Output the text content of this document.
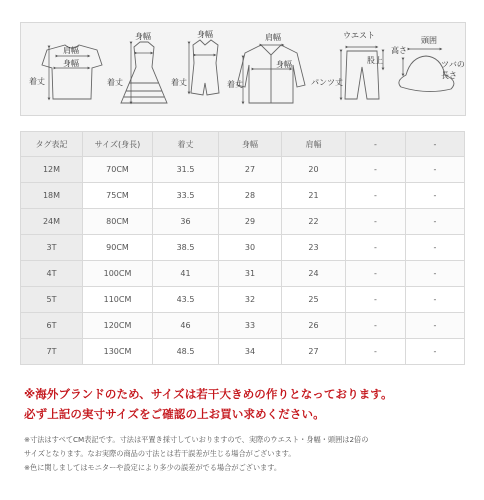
肩幅
身幅
着丈
身幅
着丈
身幅
着丈
肩幅
身幅
着丈
ウエスト
股上
パンツ丈
高さ
頭囲
ツバの
長さ
タグ表記	サイズ(身長)	着丈	身幅	肩幅	-	-
12M	70CM	31.5	27	20	-	-
18M	75CM	33.5	28	21	-	-
24M	80CM	36	29	22	-	-
3T	90CM	38.5	30	23	-	-
4T	100CM	41	31	24	-	-
5T	110CM	43.5	32	25	-	-
6T	120CM	46	33	26	-	-
7T	130CM	48.5	34	27	-	-
※海外ブランドのため、サイズは若干大きめの作りとなっております。
必ず上記の実寸サイズをご確認の上お買い求めください。
※寸法はすべてCM表記です。寸法は平置き採寸していおりますので、実際のウエスト・身幅・頭囲は2倍の
サイズとなります。なお実際の商品の寸法とは若干誤差が生じる場合がございます。
※色に関しましてはモニターや設定により多少の誤差がでる場合がございます。
